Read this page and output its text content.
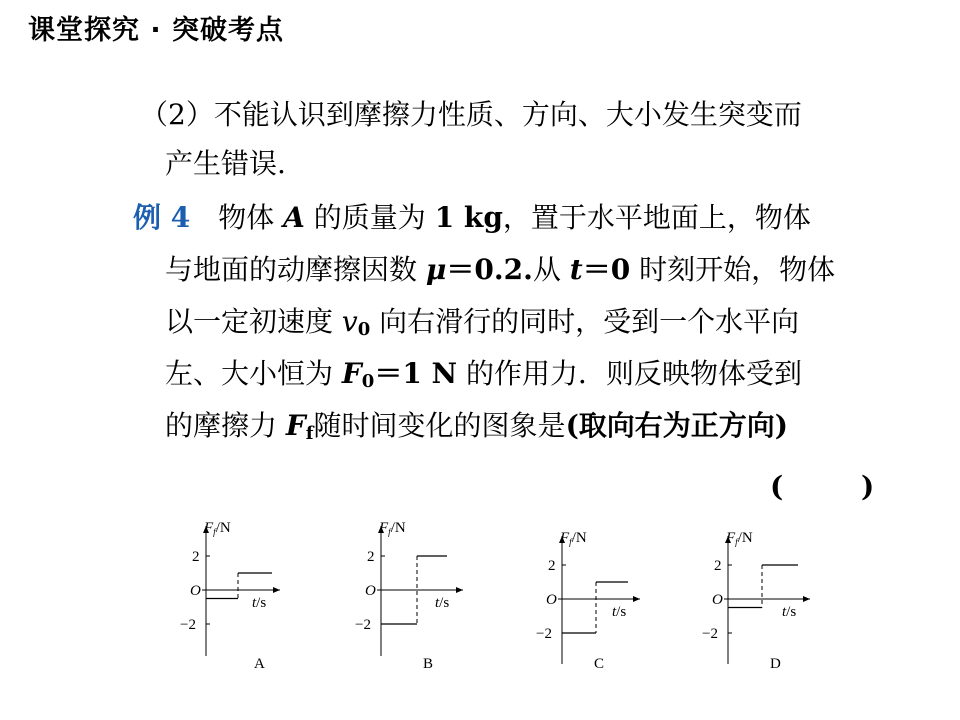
课堂探究 · 突破考点
（2）不能认识到摩擦力性质、方向、大小发生突变而
产生错误.
例 4  物体 A 的质量为 1 kg，置于水平地面上，物体
与地面的动摩擦因数 μ＝0.2.从 t＝0 时刻开始，物体
以一定初速度 $v_0$ 向右滑行的同时，受到一个水平向
左、大小恒为 $F_0=1$ N 的作用力．则反映物体受到
的摩擦力 $F_f$随时间变化的图象是(取向右为正方向)
( )
$F_f/N$
t/s
O
2
−2
A
$F_f/N$
t/s
O
2
−2
B
$F_f/N$
t/s
O
2
−2
C
$F_f/N$
t/s
O
2
−2
D
